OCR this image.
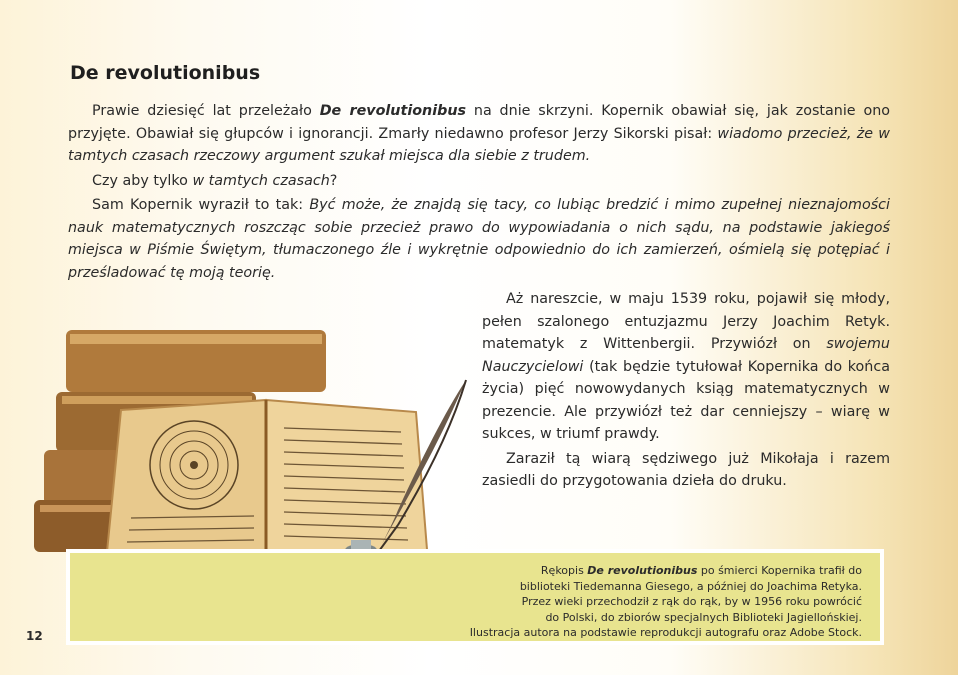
De revolutionibus

Prawie dziesięć lat przeleżało De revolutionibus na dnie skrzyni. Kopernik obawiał się, jak zostanie ono przyjęte. Obawiał się głupców i ignorancji. Zmarły niedawno profesor Jerzy Sikorski pisał: wiadomo przecież, że w tamtych czasach rzeczowy argument szukał miejsca dla siebie z trudem.

Czy aby tylko w tamtych czasach?

Sam Kopernik wyraził to tak: Być może, że znajdą się tacy, co lubiąc bredzić i mimo zupełnej nieznajomości nauk matematycznych roszcząc sobie przecież prawo do wypowiadania o nich sądu, na podstawie jakiegoś miejsca w Piśmie Świętym, tłumaczonego źle i wykrętnie odpowiednio do ich zamierzeń, ośmielą się potępiać i prześladować tę moją teorię.

Aż nareszcie, w maju 1539 roku, pojawił się młody, pełen szalonego entuzjazmu Jerzy Joachim Retyk. matematyk z Wittenbergii. Przywiózł on swojemu Nauczycielowi (tak będzie tytułował Kopernika do końca życia) pięć nowowydanych ksiąg matematycznych w prezencie. Ale przywiózł też dar cenniejszy – wiarę w sukces, w triumf prawdy.

Zaraził tą wiarą sędziwego już Mikołaja i razem zasiedli do przygotowania dzieła do druku.

Rękopis De revolutionibus po śmierci Kopernika trafił do
biblioteki Tiedemanna Giesego, a później do Joachima Retyka.
Przez wieki przechodził z rąk do rąk, by w 1956 roku powrócić
do Polski, do zbiorów specjalnych Biblioteki Jagiellońskiej.
Ilustracja autora na podstawie reprodukcji autografu oraz Adobe Stock.
12
